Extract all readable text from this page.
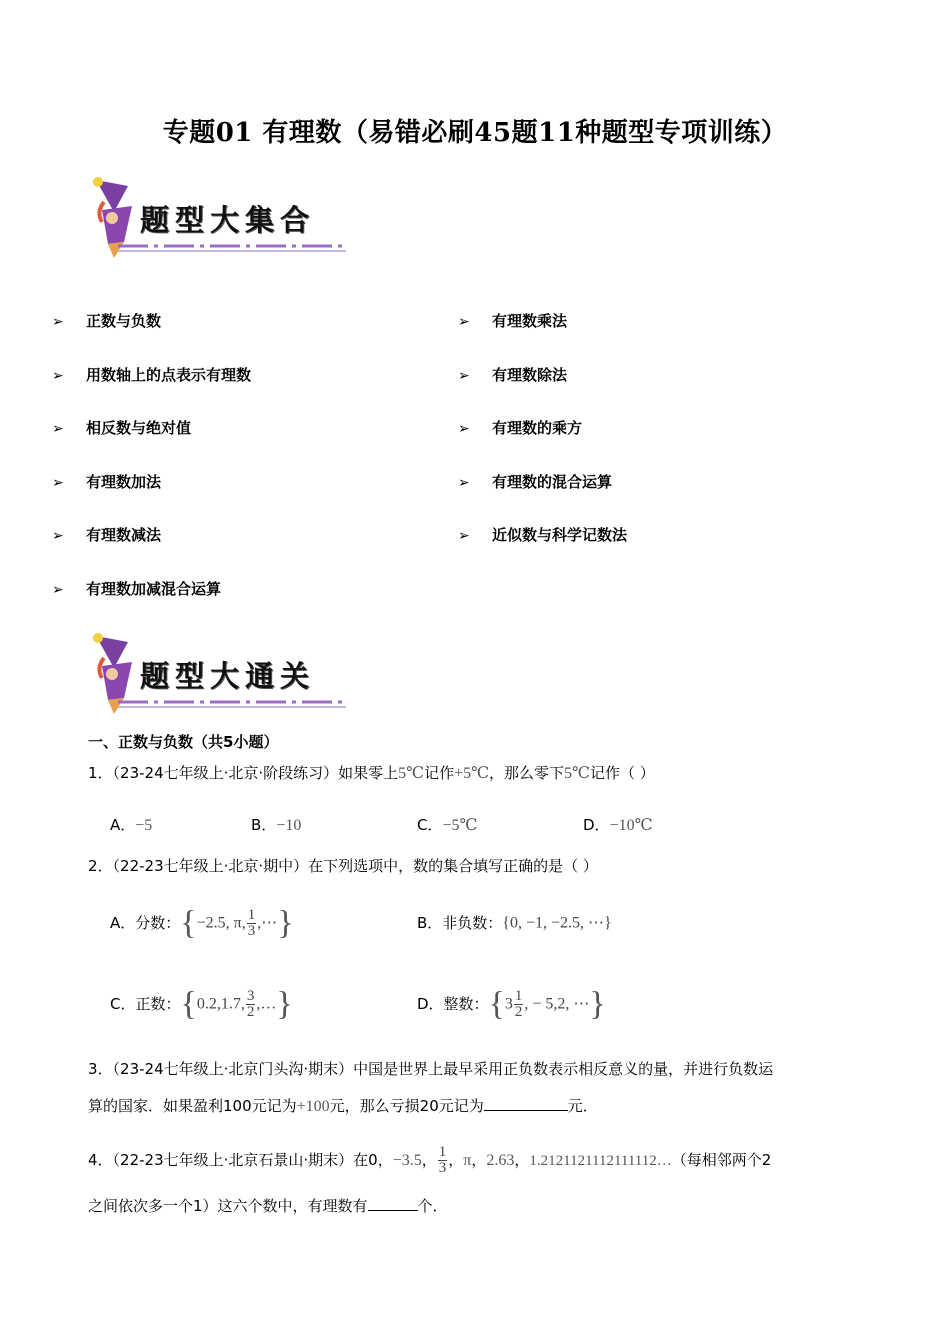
专题01 有理数（易错必刷45题11种题型专项训练）
题型大集合
➢ 正数与负数
➢ 用数轴上的点表示有理数
➢ 相反数与绝对值
➢ 有理数加法
➢ 有理数减法
➢ 有理数加减混合运算
➢ 有理数乘法
➢ 有理数除法
➢ 有理数的乘方
➢ 有理数的混合运算
➢ 近似数与科学记数法
题型大通关
一、正数与负数（共5小题）
1．（23-24七年级上·北京·阶段练习）如果零上5℃记作+5℃，那么零下5℃记作（ ）
A．−5	B．−10	C．−5℃	D．−10℃
2．（22-23七年级上·北京·期中）在下列选项中，数的集合填写正确的是（ ）
A．分数：{−2.5, π, $\frac{1}{3}$ ,⋯}	B．非负数：{0, −1, −2.5, ⋯}
C．正数：{0.2,1.7, $\frac{3}{2}$ ,…}	D．整数：{$3 \frac{1}{2}$ , − 5,2, ⋯}
3．（23-24七年级上·北京门头沟·期末）中国是世界上最早采用正负数表示相反意义的量，并进行负数运
算的国家．如果盈利100元记为+100元，那么亏损20元记为	元．
4．（22-23七年级上·北京石景山·期末）在0，−3.5， $\frac{1}{3}$ ，π，2.63，1.2121121112111112…（每相邻两个2
之间依次多一个1）这六个数中，有理数有	个．
